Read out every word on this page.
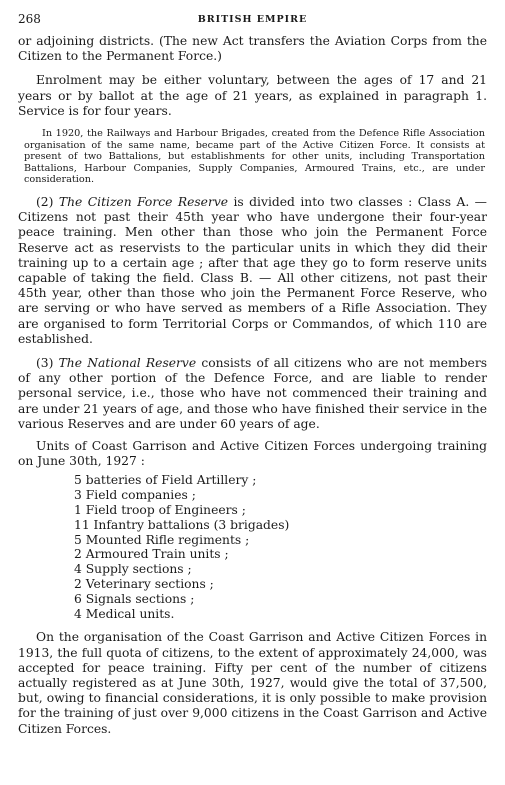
268	BRITISH EMPIRE

or adjoining districts. (The new Act transfers the Aviation Corps from the Citizen to the Permanent Force.)

Enrolment may be either voluntary, between the ages of 17 and 21 years or by ballot at the age of 21 years, as explained in paragraph 1. Service is for four years.

In 1920, the Railways and Harbour Brigades, created from the Defence Rifle Association organisation of the same name, became part of the Active Citizen Force. It consists at present of two Battalions, but establishments for other units, including Transportation Battalions, Harbour Companies, Supply Companies, Armoured Trains, etc., are under consideration.

(2) The Citizen Force Reserve is divided into two classes : Class A. — Citizens not past their 45th year who have undergone their four-year peace training. Men other than those who join the Permanent Force Reserve act as reservists to the particular units in which they did their training up to a certain age ; after that age they go to form reserve units capable of taking the field. Class B. — All other citizens, not past their 45th year, other than those who join the Permanent Force Reserve, who are serving or who have served as members of a Rifle Association. They are organised to form Territorial Corps or Commandos, of which 110 are established.

(3) The National Reserve consists of all citizens who are not members of any other portion of the Defence Force, and are liable to render personal service, i.e., those who have not commenced their training and are under 21 years of age, and those who have finished their service in the various Reserves and are under 60 years of age.

Units of Coast Garrison and Active Citizen Forces undergoing training on June 30th, 1927 :

5 batteries of Field Artillery ;
3 Field companies ;
1 Field troop of Engineers ;
11 Infantry battalions (3 brigades)
5 Mounted Rifle regiments ;
2 Armoured Train units ;
4 Supply sections ;
2 Veterinary sections ;
6 Signals sections ;
4 Medical units.

On the organisation of the Coast Garrison and Active Citizen Forces in 1913, the full quota of citizens, to the extent of approximately 24,000, was accepted for peace training. Fifty per cent of the number of citizens actually registered as at June 30th, 1927, would give the total of 37,500, but, owing to financial considerations, it is only possible to make provision for the training of just over 9,000 citizens in the Coast Garrison and Active Citizen Forces.
